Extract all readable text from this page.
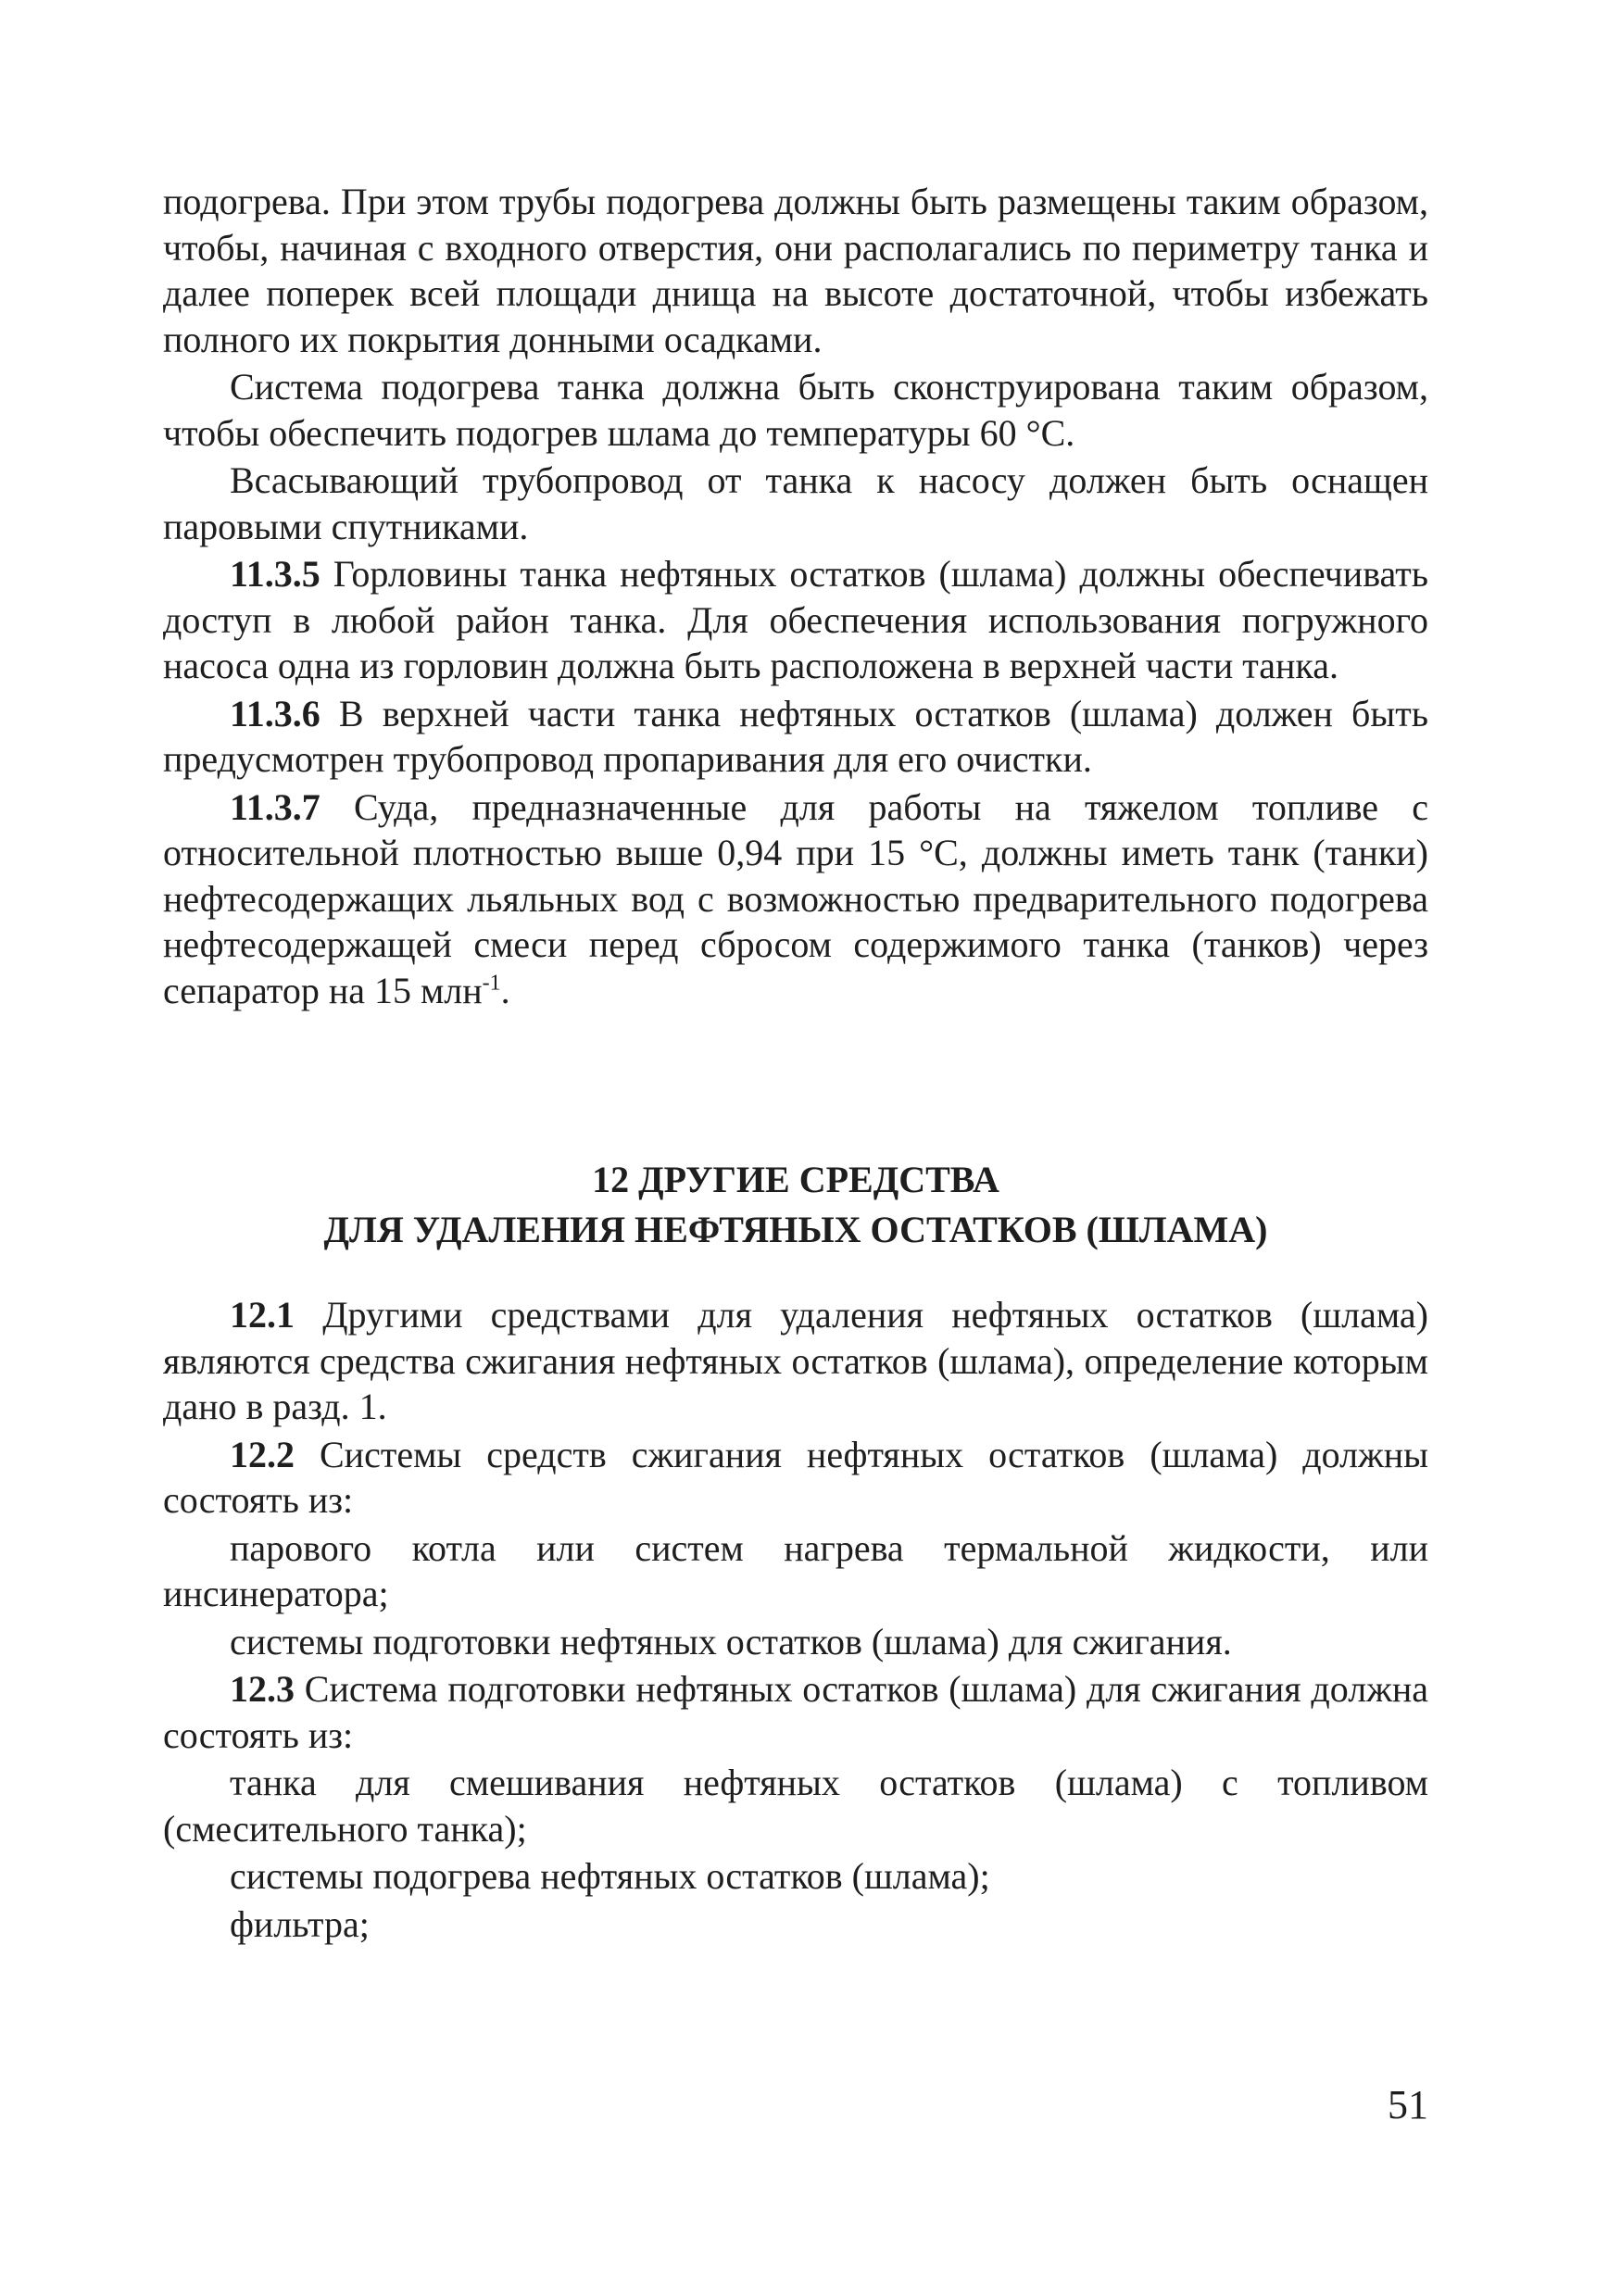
подогрева. При этом трубы подогрева должны быть размещены таким образом, чтобы, начиная с входного отверстия, они располагались по периметру танка и далее поперек всей площади днища на высоте достаточной, чтобы избежать полного их покрытия донными осадками.

Система подогрева танка должна быть сконструирована таким образом, чтобы обеспечить подогрев шлама до температуры 60 °С.

Всасывающий трубопровод от танка к насосу должен быть оснащен паровыми спутниками.

11.3.5 Горловины танка нефтяных остатков (шлама) должны обеспечивать доступ в любой район танка. Для обеспечения использования погружного насоса одна из горловин должна быть расположена в верхней части танка.

11.3.6 В верхней части танка нефтяных остатков (шлама) должен быть предусмотрен трубопровод пропаривания для его очистки.

11.3.7 Суда, предназначенные для работы на тяжелом топливе с относительной плотностью выше 0,94 при 15 °С, должны иметь танк (танки) нефтесодержащих льяльных вод с возможностью предварительного подогрева нефтесодержащей смеси перед сбросом содержимого танка (танков) через сепаратор на 15 млн$^{-1}$.

12 ДРУГИЕ СРЕДСТВА
ДЛЯ УДАЛЕНИЯ НЕФТЯНЫХ ОСТАТКОВ (ШЛАМА)

12.1 Другими средствами для удаления нефтяных остатков (шлама) являются средства сжигания нефтяных остатков (шлама), определение которым дано в разд. 1.

12.2 Системы средств сжигания нефтяных остатков (шлама) должны состоять из:

парового котла или систем нагрева термальной жидкости, или инсинератора;

системы подготовки нефтяных остатков (шлама) для сжигания.

12.3 Система подготовки нефтяных остатков (шлама) для сжигания должна состоять из:

танка для смешивания нефтяных остатков (шлама) с топливом (смесительного танка);

системы подогрева нефтяных остатков (шлама);

фильтра;

51
